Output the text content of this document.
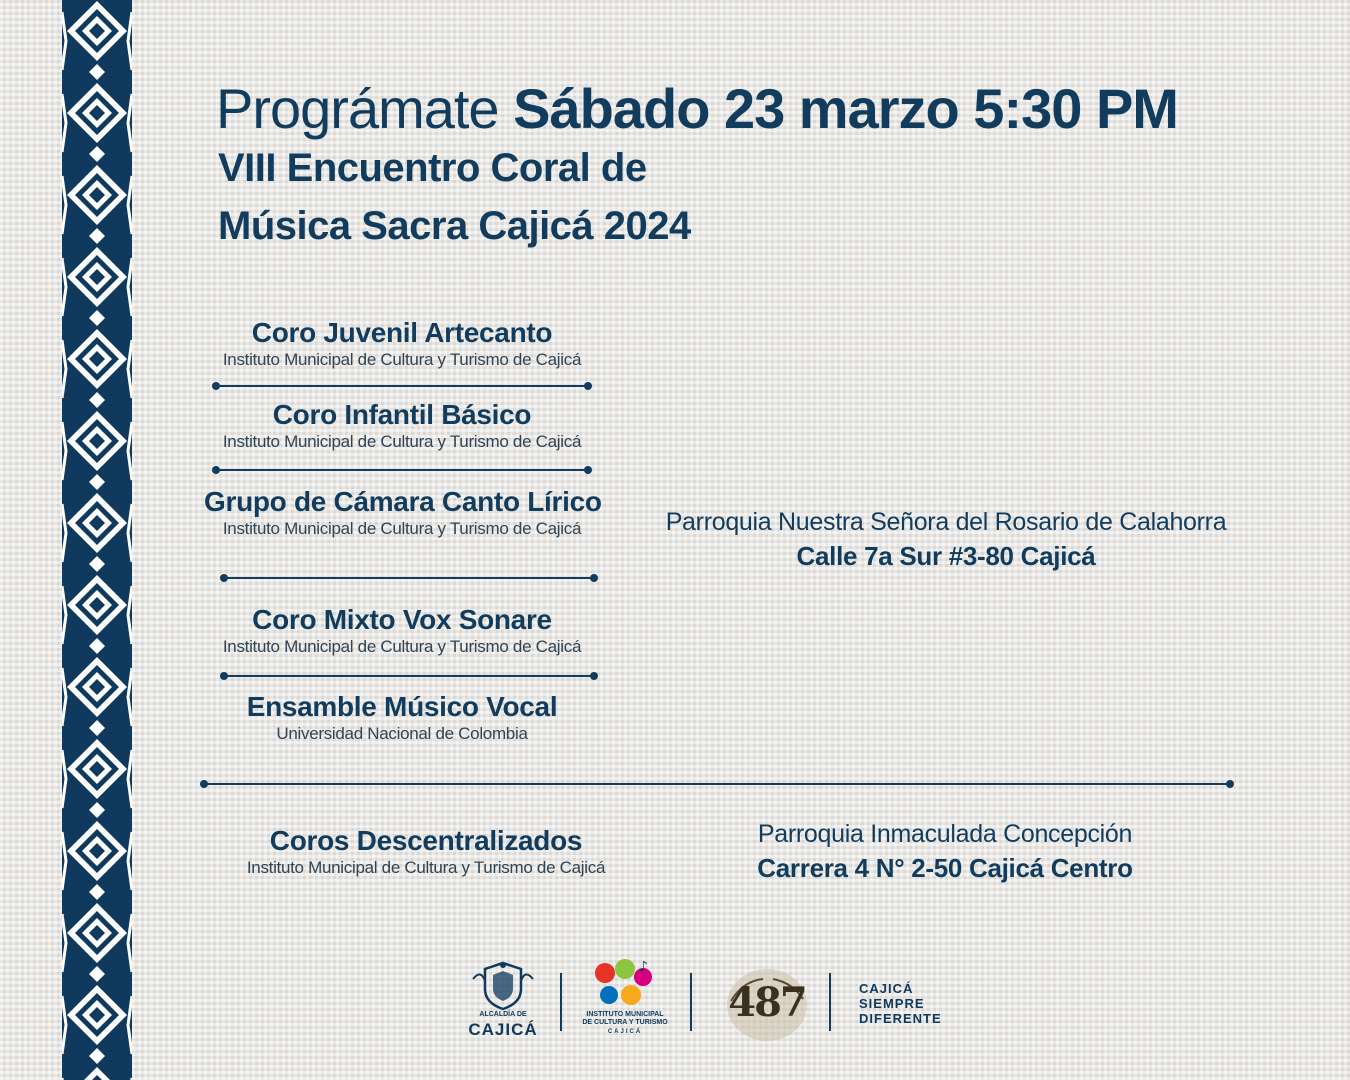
Prográmate Sábado 23 marzo 5:30 PM
VIII Encuentro Coral de
Música Sacra Cajicá 2024
Coro Juvenil Artecanto
Instituto Municipal de Cultura y Turismo de Cajicá
Coro Infantil Básico
Instituto Municipal de Cultura y Turismo de Cajicá
Grupo de Cámara Canto Lírico
Instituto Municipal de Cultura y Turismo de Cajicá
Coro Mixto Vox Sonare
Instituto Municipal de Cultura y Turismo de Cajicá
Ensamble Músico Vocal
Universidad Nacional de Colombia
Parroquia Nuestra Señora del Rosario de Calahorra
Calle 7a Sur #3-80 Cajicá
Coros Descentralizados
Instituto Municipal de Cultura y Turismo de Cajicá
Parroquia Inmaculada Concepción
Carrera 4 N° 2-50 Cajicá Centro
ALCALDÍA DE
CAJICÁ
♪
INSTITUTO MUNICIPAL
DE CULTURA Y TURISMO
CAJICÁ
487	CAJICÁ
SIEMPRE
DIFERENTE
